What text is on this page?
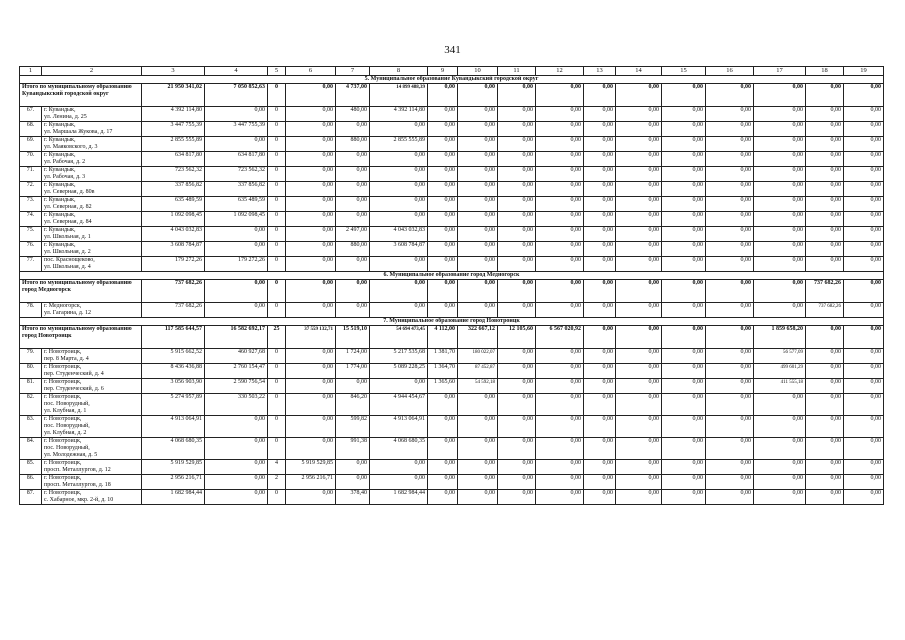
341
1	2	3	4	5	6	7	8	9	10	11	12	13	14	15	16	17	18	19
5. Муниципальное образование Кувандыкский городской округ																		
Итого по муниципальному образованию Кувандыкский городской округ		21 950 341,02	7 050 852,63	0	0,00	4 737,00	14 899 488,39	0,00	0,00	0,00	0,00	0,00	0,00	0,00	0,00	0,00	0,00	0,00
67.	г. Кувандык,
ул. Ленина, д. 25	4 392 114,80	0,00	0	0,00	480,00	4 392 114,80	0,00	0,00	0,00	0,00	0,00	0,00	0,00	0,00	0,00	0,00	0,00
68.	г. Кувандык,
ул. Маршала Жукова, д. 17	3 447 755,39	3 447 755,39	0	0,00	0,00	0,00	0,00	0,00	0,00	0,00	0,00	0,00	0,00	0,00	0,00	0,00	0,00
69.	г. Кувандык,
ул. Маяковского, д. 3	2 855 555,89	0,00	0	0,00	880,00	2 855 555,89	0,00	0,00	0,00	0,00	0,00	0,00	0,00	0,00	0,00	0,00	0,00
70.	г. Кувандык,
ул. Рабочая, д. 2	634 817,80	634 817,80	0	0,00	0,00	0,00	0,00	0,00	0,00	0,00	0,00	0,00	0,00	0,00	0,00	0,00	0,00
71.	г. Кувандык,
ул. Рабочая, д. 3	723 562,32	723 562,32	0	0,00	0,00	0,00	0,00	0,00	0,00	0,00	0,00	0,00	0,00	0,00	0,00	0,00	0,00
72.	г. Кувандык,
ул. Северная, д. 80в	337 856,82	337 856,82	0	0,00	0,00	0,00	0,00	0,00	0,00	0,00	0,00	0,00	0,00	0,00	0,00	0,00	0,00
73.	г. Кувандык,
ул. Северная, д. 82	635 489,59	635 489,59	0	0,00	0,00	0,00	0,00	0,00	0,00	0,00	0,00	0,00	0,00	0,00	0,00	0,00	0,00
74.	г. Кувандык,
ул. Северная, д. 84	1 092 098,45	1 092 098,45	0	0,00	0,00	0,00	0,00	0,00	0,00	0,00	0,00	0,00	0,00	0,00	0,00	0,00	0,00
75.	г. Кувандык,
ул. Школьная, д. 1	4 043 032,83	0,00	0	0,00	2 497,00	4 043 032,83	0,00	0,00	0,00	0,00	0,00	0,00	0,00	0,00	0,00	0,00	0,00
76.	г. Кувандык,
ул. Школьная, д. 2	3 608 784,87	0,00	0	0,00	880,00	3 608 784,87	0,00	0,00	0,00	0,00	0,00	0,00	0,00	0,00	0,00	0,00	0,00
77.	пос. Краснощеково,
ул. Школьная, д. 4	179 272,26	179 272,26	0	0,00	0,00	0,00	0,00	0,00	0,00	0,00	0,00	0,00	0,00	0,00	0,00	0,00	0,00
6. Муниципальное образование город Медногорск																		
Итого по муниципальному образованию город Медногорск		737 682,26	0,00	0	0,00	0,00	0,00	0,00	0,00	0,00	0,00	0,00	0,00	0,00	0,00	0,00	737 682,26	0,00
78.	г. Медногорск,
ул. Гагарина, д. 12	737 682,26	0,00	0	0,00	0,00	0,00	0,00	0,00	0,00	0,00	0,00	0,00	0,00	0,00	0,00	737 682,26	0,00
7. Муниципальное образование город Новотроицк																		
Итого по муниципальному образованию город Новотроицк		117 585 644,57	16 582 692,17	25	37 559 132,71	15 519,10	54 694 473,45	4 112,00	322 667,12	12 105,60	6 567 020,92	0,00	0,00	0,00	0,00	1 859 658,20	0,00	0,00
79.	г. Новотроицк,
пер. 8 Марта, д. 4	5 915 662,52	460 927,68	0	0,00	1 724,00	5 217 535,68	1 381,70	180 022,07	0,00	0,00	0,00	0,00	0,00	0,00	56 577,09	0,00	0,00
80.	г. Новотроицк,
пер. Студенческий, д. 4	8 436 436,88	2 760 154,47	0	0,00	1 774,00	5 089 228,25	1 364,70	87 452,87	0,00	0,00	0,00	0,00	0,00	0,00	499 601,29	0,00	0,00
81.	г. Новотроицк,
пер. Студенческий, д. 6	3 056 903,90	2 590 756,54	0	0,00	0,00	0,00	1 365,60	54 592,18	0,00	0,00	0,00	0,00	0,00	0,00	411 555,18	0,00	0,00
82.	г. Новотроицк,
пос. Новорудный,
ул. Клубная, д. 1	5 274 957,89	330 503,22	0	0,00	846,20	4 944 454,67	0,00	0,00	0,00	0,00	0,00	0,00	0,00	0,00	0,00	0,00	0,00
83.	г. Новотроицк,
пос. Новорудный,
ул. Клубная, д. 2	4 913 064,91	0,00	0	0,00	599,82	4 913 064,91	0,00	0,00	0,00	0,00	0,00	0,00	0,00	0,00	0,00	0,00	0,00
84.	г. Новотроицк,
пос. Новорудный,
ул. Молодежная, д. 5	4 068 680,35	0,00	0	0,00	991,38	4 068 680,35	0,00	0,00	0,00	0,00	0,00	0,00	0,00	0,00	0,00	0,00	0,00
85.	г. Новотроицк,
просп. Металлургов, д. 12	5 919 529,85	0,00	4	5 919 529,85	0,00	0,00	0,00	0,00	0,00	0,00	0,00	0,00	0,00	0,00	0,00	0,00	0,00
86.	г. Новотроицк,
просп. Металлургов, д. 18	2 956 216,71	0,00	2	2 956 216,71	0,00	0,00	0,00	0,00	0,00	0,00	0,00	0,00	0,00	0,00	0,00	0,00	0,00
87.	г. Новотроицк,
с. Хабарное, мкр. 2-й, д. 10	1 682 984,44	0,00	0	0,00	378,40	1 682 984,44	0,00	0,00	0,00	0,00	0,00	0,00	0,00	0,00	0,00	0,00	0,00
